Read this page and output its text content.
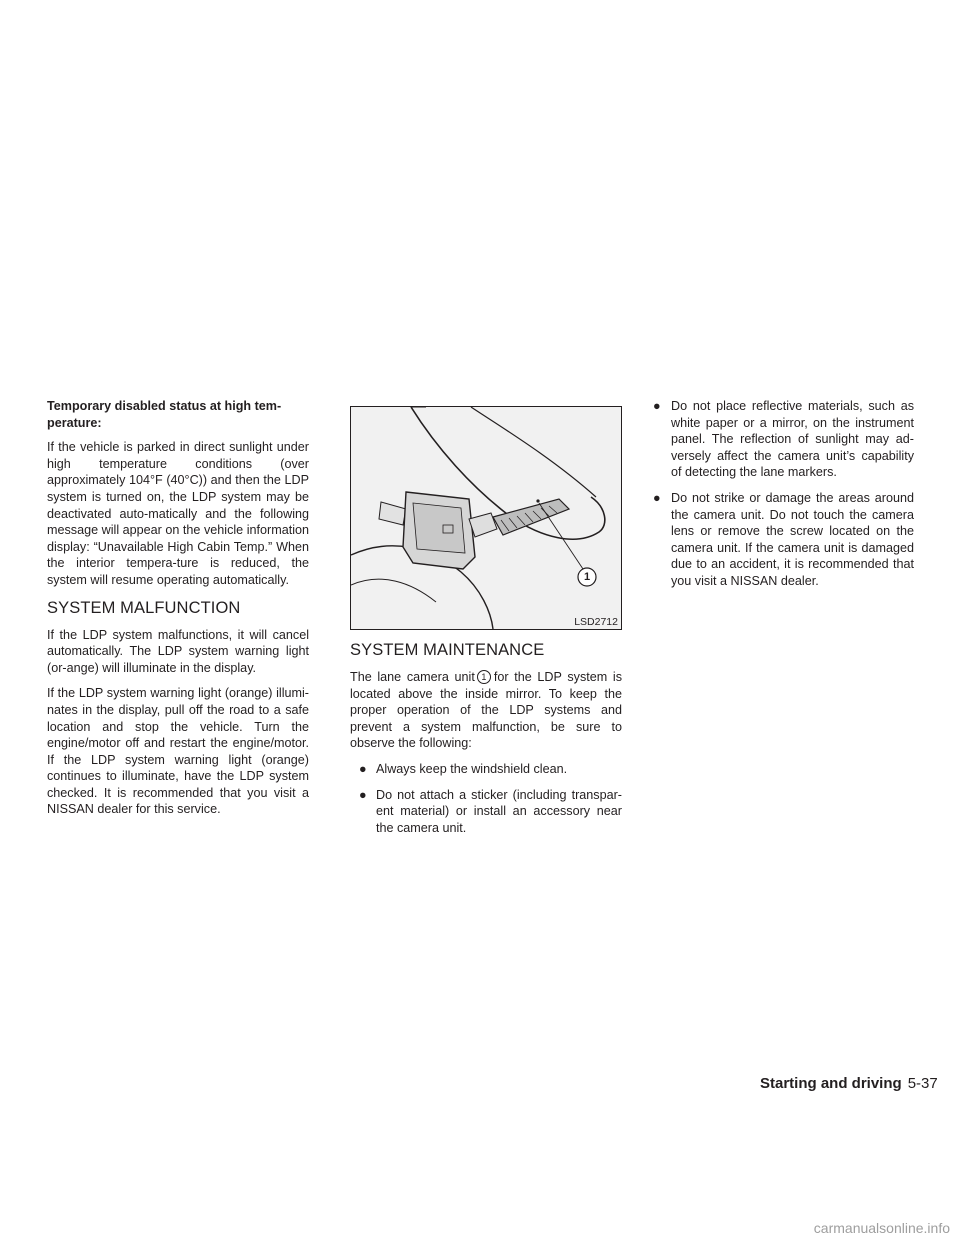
Temporary disabled status at high tem-perature:

If the vehicle is parked in direct sunlight under high temperature conditions (over approximately 104°F (40°C)) and then the LDP system is turned on, the LDP system may be deactivated auto-matically and the following message will appear on the vehicle information display: “Unavailable High Cabin Temp.” When the interior tempera-ture is reduced, the system will resume operating automatically.

SYSTEM MALFUNCTION

If the LDP system malfunctions, it will cancel automatically. The LDP system warning light (or-ange) will illuminate in the display.

If the LDP system warning light (orange) illumi-nates in the display, pull off the road to a safe location and stop the vehicle. Turn the engine/motor off and restart the engine/motor. If the LDP system warning light (orange) continues to illuminate, have the LDP system checked. It is recommended that you visit a NISSAN dealer for this service.

1
LSD2712
SYSTEM MAINTENANCE

The lane camera unit 1 for the LDP system is located above the inside mirror. To keep the proper operation of the LDP systems and prevent a system malfunction, be sure to observe the following:

● Always keep the windshield clean.
● Do not attach a sticker (including transpar-ent material) or install an accessory near the camera unit.
● Do not place reflective materials, such as white paper or a mirror, on the instrument panel. The reflection of sunlight may ad-versely affect the camera unit’s capability of detecting the lane markers.
● Do not strike or damage the areas around the camera unit. Do not touch the camera lens or remove the screw located on the camera unit. If the camera unit is damaged due to an accident, it is recommended that you visit a NISSAN dealer.
Starting and driving 5-37
carmanualsonline.info
